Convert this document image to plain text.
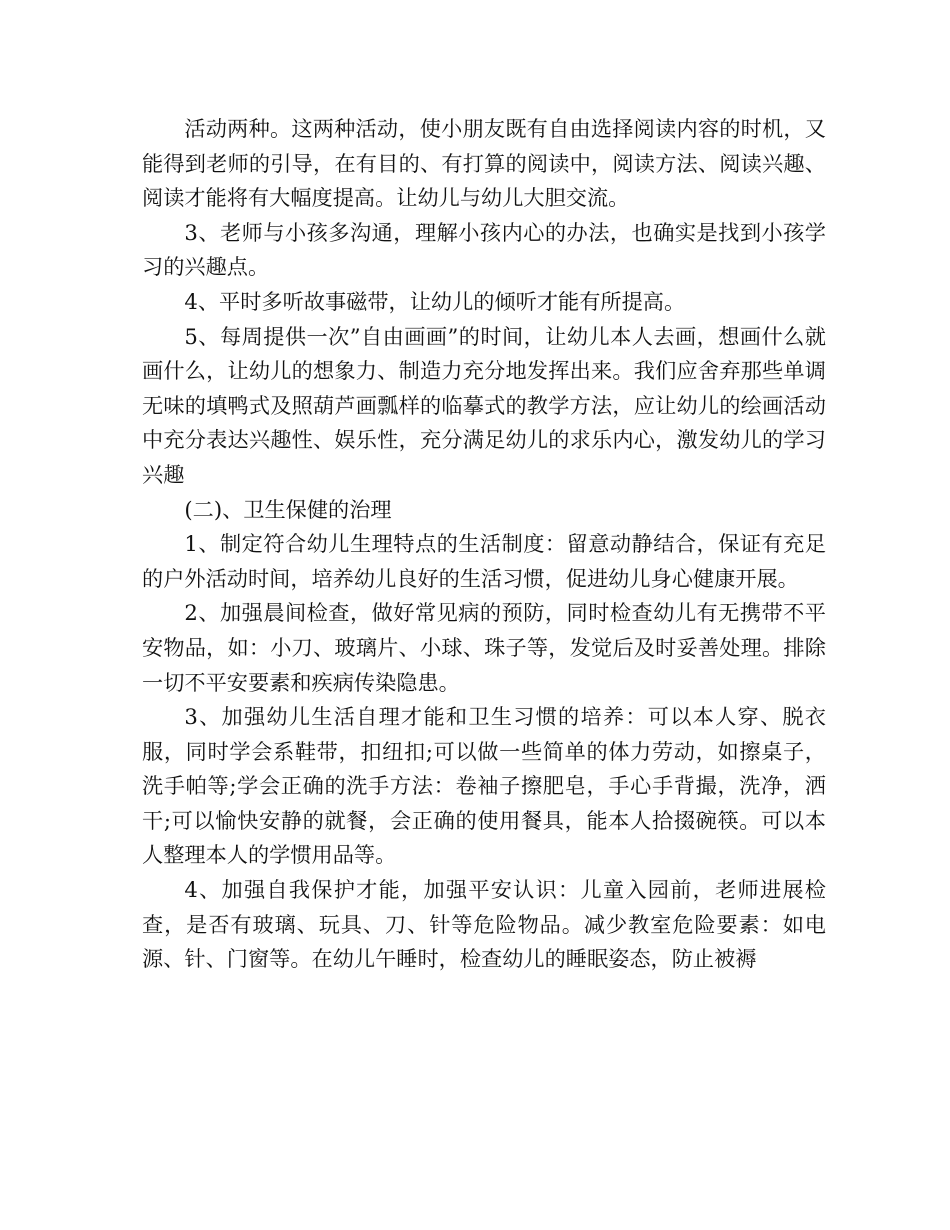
活动两种。这两种活动，使小朋友既有自由选择阅读内容的时机，又能得到老师的引导，在有目的、有打算的阅读中，阅读方法、阅读兴趣、阅读才能将有大幅度提高。让幼儿与幼儿大胆交流。

3、老师与小孩多沟通，理解小孩内心的办法，也确实是找到小孩学习的兴趣点。

4、平时多听故事磁带，让幼儿的倾听才能有所提高。

5、每周提供一次”自由画画”的时间，让幼儿本人去画，想画什么就画什么，让幼儿的想象力、制造力充分地发挥出来。我们应舍弃那些单调无味的填鸭式及照葫芦画瓢样的临摹式的教学方法，应让幼儿的绘画活动中充分表达兴趣性、娱乐性，充分满足幼儿的求乐内心，激发幼儿的学习兴趣

(二)、卫生保健的治理

1、制定符合幼儿生理特点的生活制度：留意动静结合，保证有充足的户外活动时间，培养幼儿良好的生活习惯，促进幼儿身心健康开展。

2、加强晨间检查，做好常见病的预防，同时检查幼儿有无携带不平安物品，如：小刀、玻璃片、小球、珠子等，发觉后及时妥善处理。排除一切不平安要素和疾病传染隐患。

3、加强幼儿生活自理才能和卫生习惯的培养：可以本人穿、脱衣服，同时学会系鞋带，扣纽扣;可以做一些简单的体力劳动，如擦桌子，洗手帕等;学会正确的洗手方法：卷袖子擦肥皂，手心手背撮，洗净，洒干;可以愉快安静的就餐，会正确的使用餐具，能本人拾掇碗筷。可以本人整理本人的学惯用品等。

4、加强自我保护才能，加强平安认识：儿童入园前，老师进展检查，是否有玻璃、玩具、刀、针等危险物品。减少教室危险要素：如电源、针、门窗等。在幼儿午睡时，检查幼儿的睡眠姿态，防止被褥
